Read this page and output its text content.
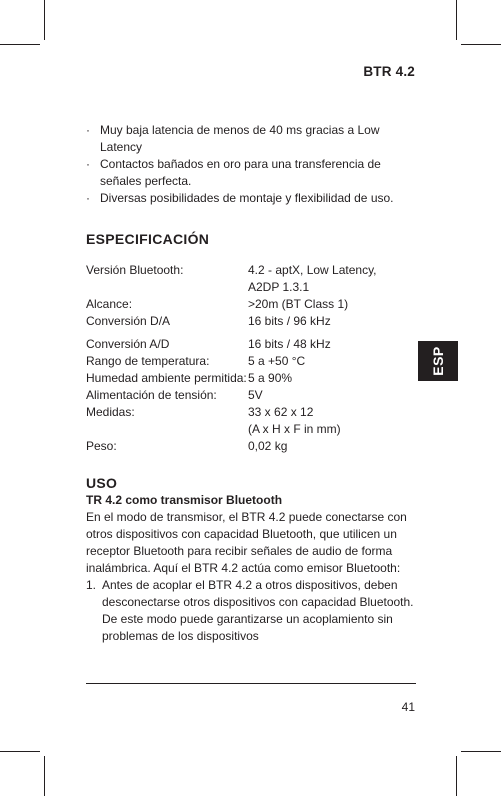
BTR 4.2
ESP
· Muy baja latencia de menos de 40 ms gracias a Low Latency
· Contactos bañados en oro para una transferencia de señales perfecta.
· Diversas posibilidades de montaje y flexibilidad de uso.
ESPECIFICACIÓN
Versión Bluetooth:	4.2 - aptX, Low Latency,
A2DP 1.3.1
Alcance:	>20m (BT Class 1)
Conversión D/A	16 bits / 96 kHz
Conversión A/D	16 bits / 48 kHz
Rango de temperatura:	5 a +50 °C
Humedad ambiente permitida: 5 a 90%
Alimentación de tensión:	5V
Medidas:	33 x 62 x 12
(A x H x F in mm)
Peso:	0,02 kg
USO
TR 4.2 como transmisor Bluetooth

En el modo de transmisor, el BTR 4.2 puede conectarse con otros dispositivos con capacidad Bluetooth, que utilicen un receptor Bluetooth para recibir señales de audio de forma inalámbrica. Aquí el BTR 4.2 actúa como emisor Bluetooth:

1. Antes de acoplar el BTR 4.2 a otros dispositivos, deben desconectarse otros dispositivos con capacidad Bluetooth. De este modo puede garantizarse un acoplamiento sin problemas de los dispositivos
41
